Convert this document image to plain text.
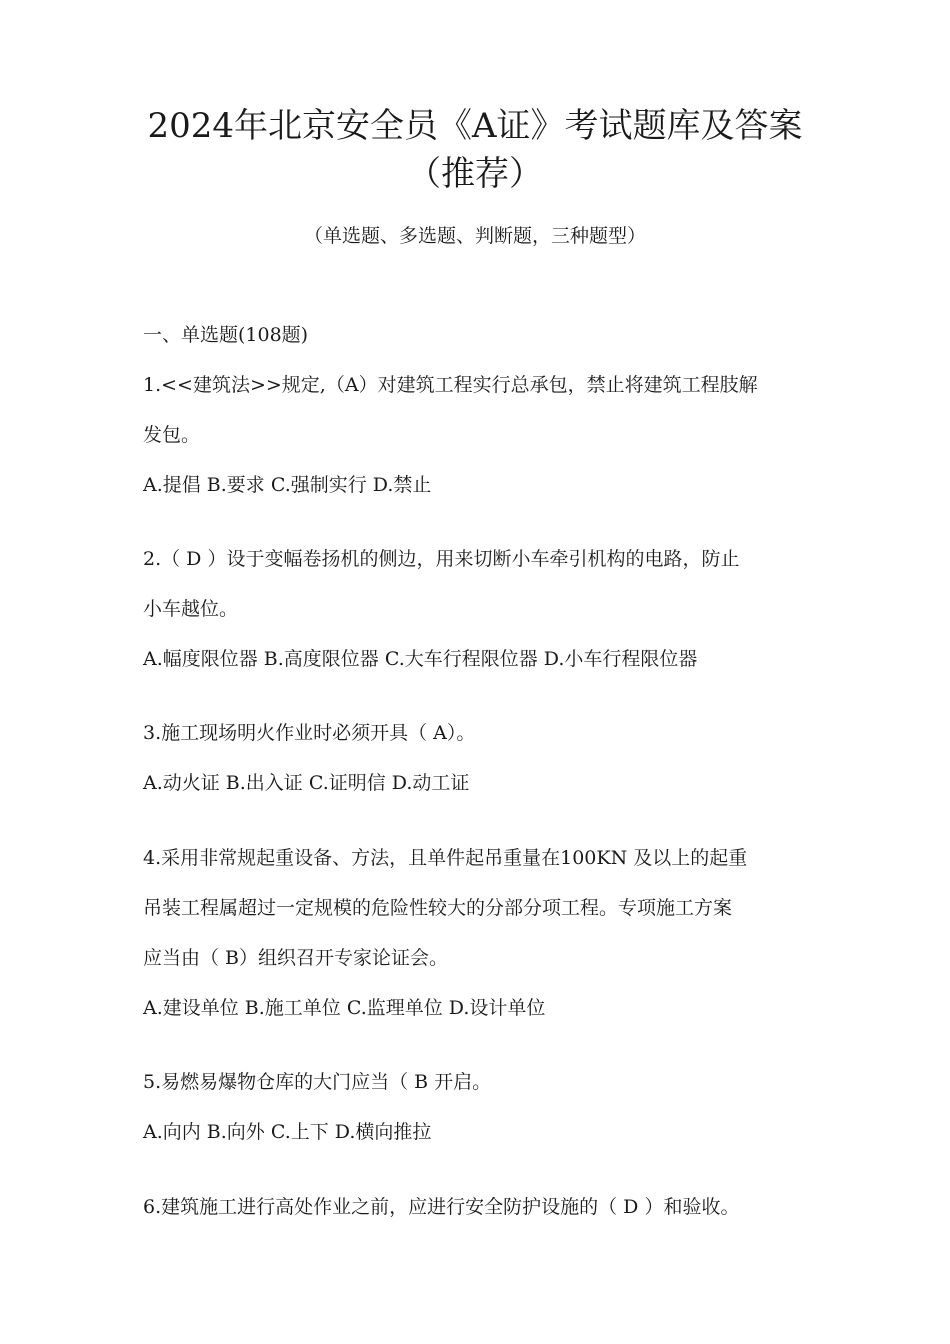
2024年北京安全员《A证》考试题库及答案
（推荐）
（单选题、多选题、判断题，三种题型）
一、单选题(108题)
1.<<建筑法>>规定,（A）对建筑工程实行总承包，禁止将建筑工程肢解
发包。
A.提倡 B.要求 C.强制实行 D.禁止
2.（ D ）设于变幅卷扬机的侧边，用来切断小车牵引机构的电路，防止
小车越位。
A.幅度限位器 B.高度限位器 C.大车行程限位器 D.小车行程限位器
3.施工现场明火作业时必须开具（ A）。
A.动火证 B.出入证 C.证明信 D.动工证
4.采用非常规起重设备、方法，且单件起吊重量在100KN 及以上的起重
吊装工程属超过一定规模的危险性较大的分部分项工程。专项施工方案
应当由（ B）组织召开专家论证会。
A.建设单位 B.施工单位 C.监理单位 D.设计单位
5.易燃易爆物仓库的大门应当（ B 开启。
A.向内 B.向外 C.上下 D.横向推拉
6.建筑施工进行高处作业之前，应进行安全防护设施的（ D ）和验收。
